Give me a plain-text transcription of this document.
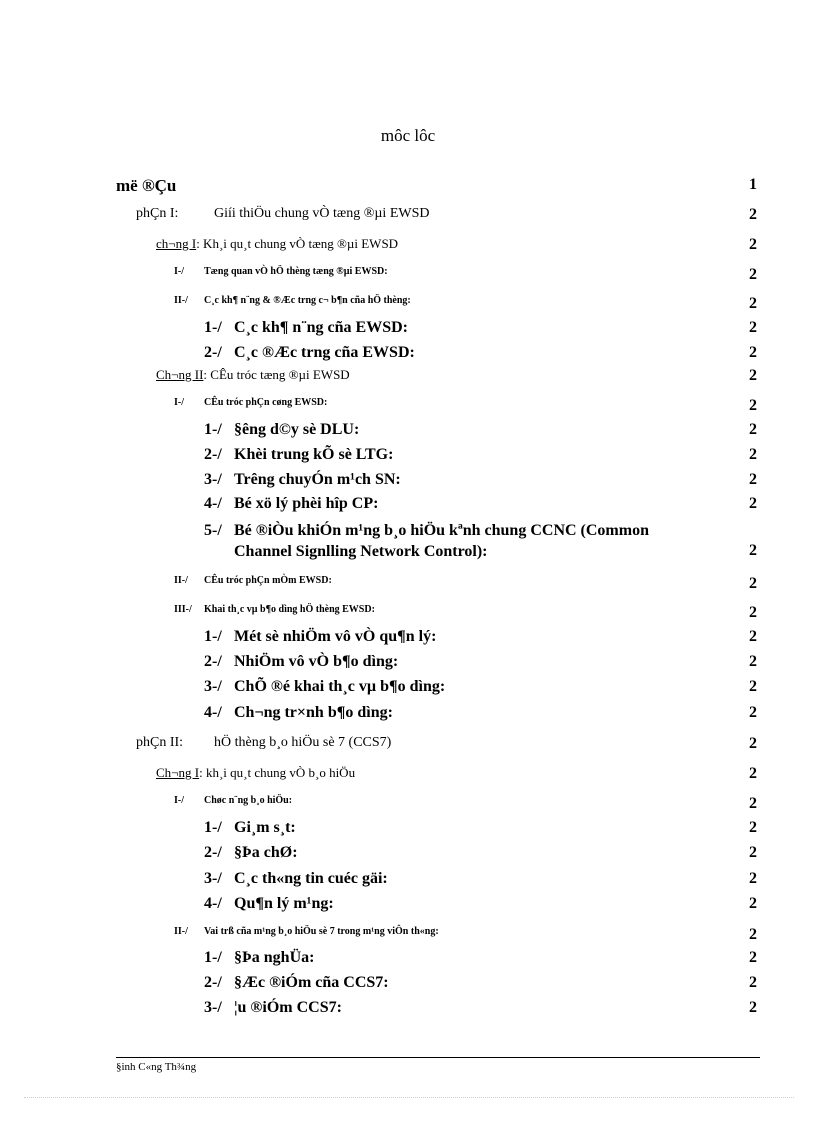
môc lôc
më ®Çu	1
phÇn I:	Giíi thiÖu chung vÒ tæng ®µi EWSD	2
ch¬ng I: Kh¸i qu¸t chung vÒ tæng ®µi EWSD	2
I-/ Tæng quan vÒ hÖ thèng tæng ®µi EWSD:	2
II-/ C¸c kh¶ n¨ng & ®Æc trng c¬ b¶n cña hÖ thèng:	2
1-/ C¸c kh¶ n¨ng cña EWSD:	2
2-/ C¸c ®Æc trng cña EWSD:	2
Ch¬ng II: CÊu tróc tæng ®µi EWSD	2
I-/ CÊu tróc phÇn cøng EWSD:	2
1-/ §êng d©y sè DLU:	2
2-/ Khèi trung kÕ sè LTG:	2
3-/ Trêng chuyÓn m¹ch SN:	2
4-/ Bé xö lý phèi hîp CP:	2
5-/ Bé ®iÒu khiÓn m¹ng b¸o hiÖu kªnh chung CCNC (Common
Channel Signlling Network Control):	2
II-/ CÊu tróc phÇn mÒm EWSD:	2
III-/ Khai th¸c vµ b¶o dìng hÖ thèng EWSD:	2
1-/ Mét sè nhiÖm vô vÒ qu¶n lý:	2
2-/ NhiÖm vô vÒ b¶o dìng:	2
3-/ ChÕ ®é khai th¸c vµ b¶o dìng:	2
4-/ Ch¬ng tr×nh b¶o dìng:	2
phÇn II: hÖ thèng b¸o hiÖu sè 7 (CCS7)	2
Ch¬ng I: kh¸i qu¸t chung vÒ b¸o hiÖu	2
I-/ Chøc n¨ng b¸o hiÖu:	2
1-/ Gi¸m s¸t:	2
2-/ §Þa chØ:	2
3-/ C¸c th«ng tin cuéc gäi:	2
4-/ Qu¶n lý m¹ng:	2
II-/ Vai trß cña m¹ng b¸o hiÖu sè 7 trong m¹ng viÔn th«ng:	2
1-/ §Þa nghÜa:	2
2-/ §Æc ®iÓm cña CCS7:	2
3-/ ¦u ®iÓm CCS7:	2
§inh C«ng Th¾ng
